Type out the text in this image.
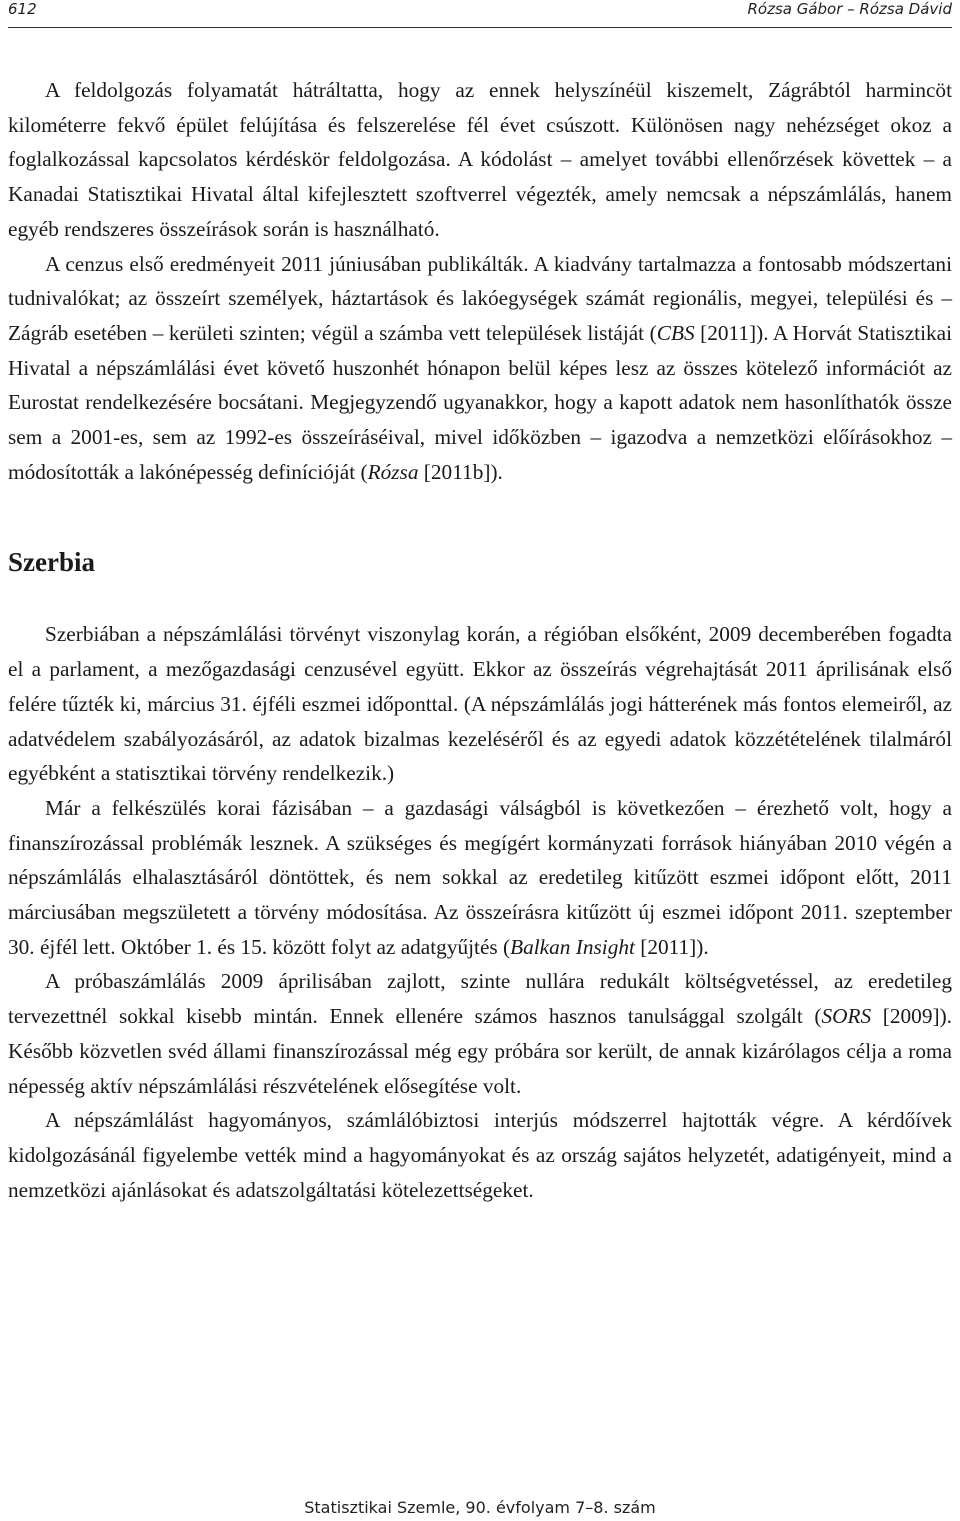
612	Rózsa Gábor – Rózsa Dávid

A feldolgozás folyamatát hátráltatta, hogy az ennek helyszínéül kiszemelt, Zágrábtól harmincöt kilométerre fekvő épület felújítása és felszerelése fél évet csúszott. Különösen nagy nehézséget okoz a foglalkozással kapcsolatos kérdéskör feldolgozása. A kódolást – amelyet további ellenőrzések követtek – a Kanadai Statisztikai Hivatal által kifejlesztett szoftverrel végezték, amely nemcsak a népszámlálás, hanem egyéb rendszeres összeírások során is használható.

A cenzus első eredményeit 2011 júniusában publikálták. A kiadvány tartalmazza a fontosabb módszertani tudnivalókat; az összeírt személyek, háztartások és lakóegységek számát regionális, megyei, települési és – Zágráb esetében – kerületi szinten; végül a számba vett települések listáját (CBS [2011]). A Horvát Statisztikai Hivatal a népszámlálási évet követő huszonhét hónapon belül képes lesz az összes kötelező információt az Eurostat rendelkezésére bocsátani. Megjegyzendő ugyanakkor, hogy a kapott adatok nem hasonlíthatók össze sem a 2001-es, sem az 1992-es összeíráséival, mivel időközben – igazodva a nemzetközi előírásokhoz – módosították a lakónépesség definícióját (Rózsa [2011b]).

Szerbia

Szerbiában a népszámlálási törvényt viszonylag korán, a régióban elsőként, 2009 decemberében fogadta el a parlament, a mezőgazdasági cenzusével együtt. Ekkor az összeírás végrehajtását 2011 áprilisának első felére tűzték ki, március 31. éjféli eszmei időponttal. (A népszámlálás jogi hátterének más fontos elemeiről, az adatvédelem szabályozásáról, az adatok bizalmas kezeléséről és az egyedi adatok közzétételének tilalmáról egyébként a statisztikai törvény rendelkezik.)

Már a felkészülés korai fázisában – a gazdasági válságból is következően – érezhető volt, hogy a finanszírozással problémák lesznek. A szükséges és megígért kormányzati források hiányában 2010 végén a népszámlálás elhalasztásáról döntöttek, és nem sokkal az eredetileg kitűzött eszmei időpont előtt, 2011 márciusában megszületett a törvény módosítása. Az összeírásra kitűzött új eszmei időpont 2011. szeptember 30. éjfél lett. Október 1. és 15. között folyt az adatgyűjtés (Balkan Insight [2011]).

A próbaszámlálás 2009 áprilisában zajlott, szinte nullára redukált költségvetéssel, az eredetileg tervezettnél sokkal kisebb mintán. Ennek ellenére számos hasznos tanulsággal szolgált (SORS [2009]). Később közvetlen svéd állami finanszírozással még egy próbára sor került, de annak kizárólagos célja a roma népesség aktív népszámlálási részvételének elősegítése volt.

A népszámlálást hagyományos, számlálóbiztosi interjús módszerrel hajtották végre. A kérdőívek kidolgozásánál figyelembe vették mind a hagyományokat és az ország sajátos helyzetét, adatigényeit, mind a nemzetközi ajánlásokat és adatszolgáltatási kötelezettségeket.

Statisztikai Szemle, 90. évfolyam 7–8. szám
